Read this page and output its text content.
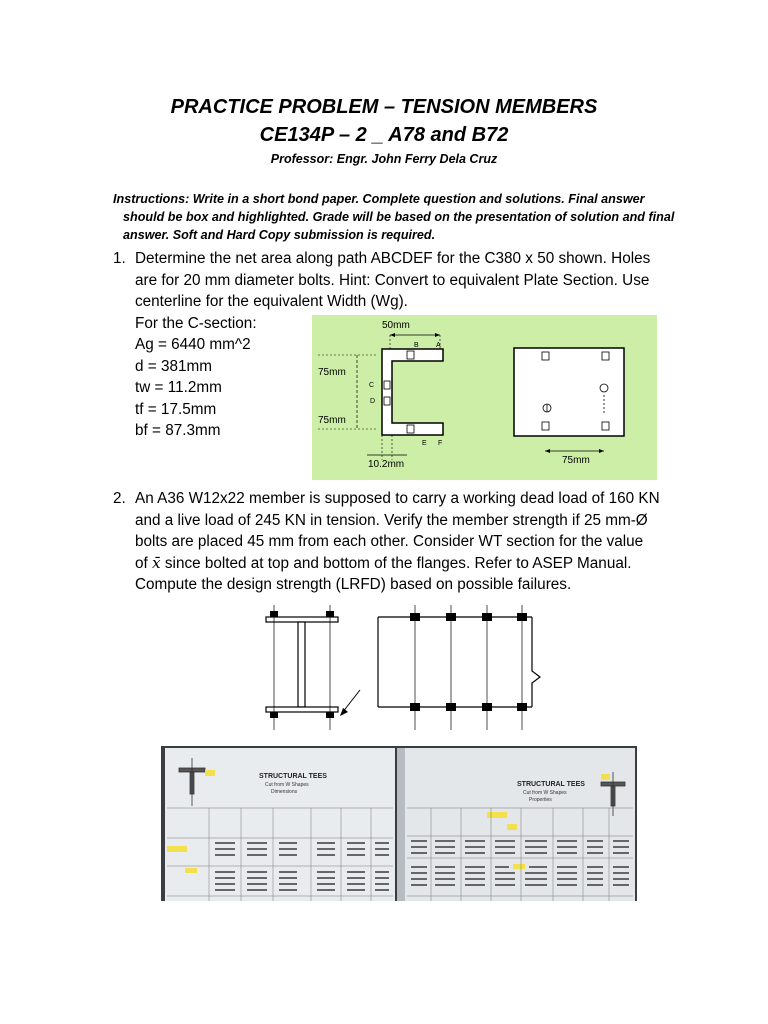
PRACTICE PROBLEM – TENSION MEMBERS
CE134P – 2 _ A78 and B72
Professor: Engr. John Ferry Dela Cruz
Instructions: Write in a short bond paper. Complete question and solutions. Final answer should be box and highlighted. Grade will be based on the presentation of solution and final answer. Soft and Hard Copy submission is required.
1. Determine the net area along path ABCDEF for the C380 x 50 shown. Holes
are for 20 mm diameter bolts. Hint: Convert to equivalent Plate Section. Use
centerline for the equivalent Width (Wg).
For the C-section:
Ag = 6440 mm^2
d = 381mm
tw = 11.2mm
tf = 17.5mm
bf = 87.3mm
50mm
B A
75mm
75mm
C
D
E F
10.2mm	75mm
2. An A36 W12x22 member is supposed to carry a working dead load of 160 KN
and a live load of 245 KN in tension. Verify the member strength if 25 mm-Ø
bolts are placed 45 mm from each other. Consider WT section for the value
of x̄ since bolted at top and bottom of the flanges. Refer to ASEP Manual.
Compute the design strength (LRFD) based on possible failures.
STRUCTURAL TEES
Cut from W Shapes
Dimensions
STRUCTURAL TEES
Cut from W Shapes
Properties
